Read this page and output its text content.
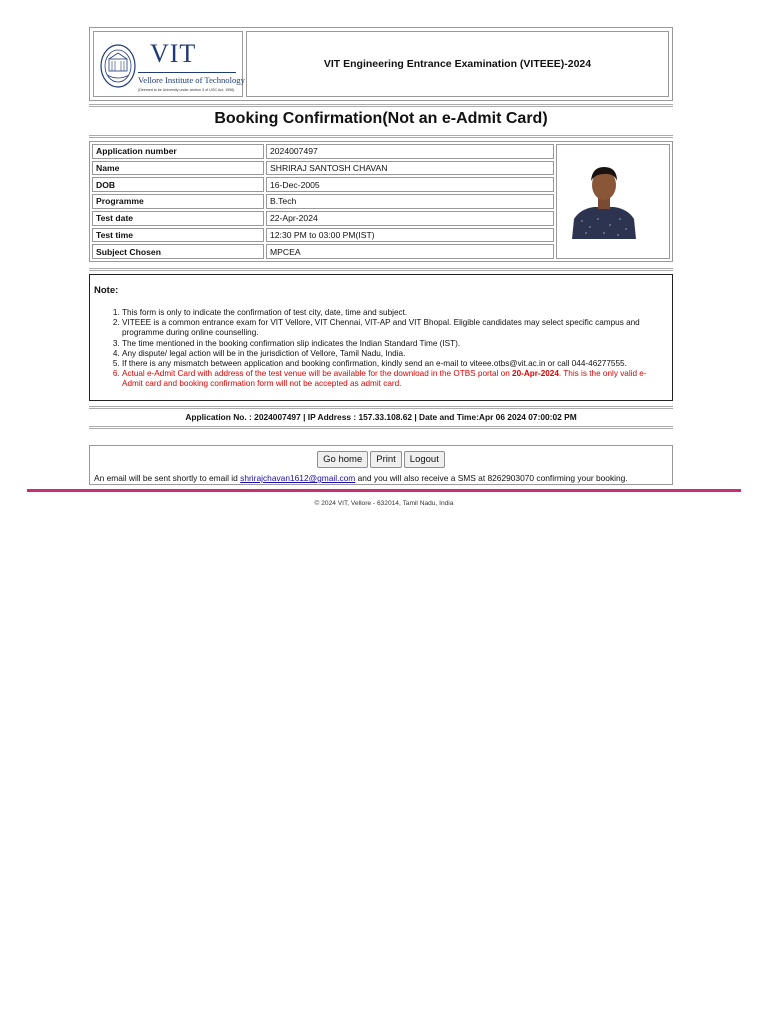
VIT
Vellore Institute of Technology
(Deemed to be University under section 3 of UGC Act, 1956)
VIT Engineering Entrance Examination (VITEEE)-2024
Booking Confirmation(Not an e-Admit Card)
Application number	2024007497
Name	SHRIRAJ SANTOSH CHAVAN
DOB	16-Dec-2005
Programme	B.Tech
Test date	22-Apr-2024
Test time	12:30 PM to 03:00 PM(IST)
Subject Chosen	MPCEA
Note:
1. This form is only to indicate the confirmation of test city, date, time and subject.
2. VITEEE is a common entrance exam for VIT Vellore, VIT Chennai, VIT-AP and VIT Bhopal. Eligible candidates may select specific campus and programme during online counselling.
3. The time mentioned in the booking confirmation slip indicates the Indian Standard Time (IST).
4. Any dispute/ legal action will be in the jurisdiction of Vellore, Tamil Nadu, India.
5. If there is any mismatch between application and booking confirmation, kindly send an e-mail to viteee.otbs@vit.ac.in or call 044-46277555.
6. Actual e-Admit Card with address of the test venue will be available for the download in the OTBS portal on 20-Apr-2024. This is the only valid e-Admit card and booking confirmation form will not be accepted as admit card.
Application No. : 2024007497 | IP Address : 157.33.108.62 | Date and Time:Apr 06 2024 07:00:02 PM
Go home Print Logout
An email will be sent shortly to email id shrirajchavan1612@gmail.com and you will also receive a SMS at 8262903070 confirming your booking.
© 2024 VIT, Vellore - 632014, Tamil Nadu, India
